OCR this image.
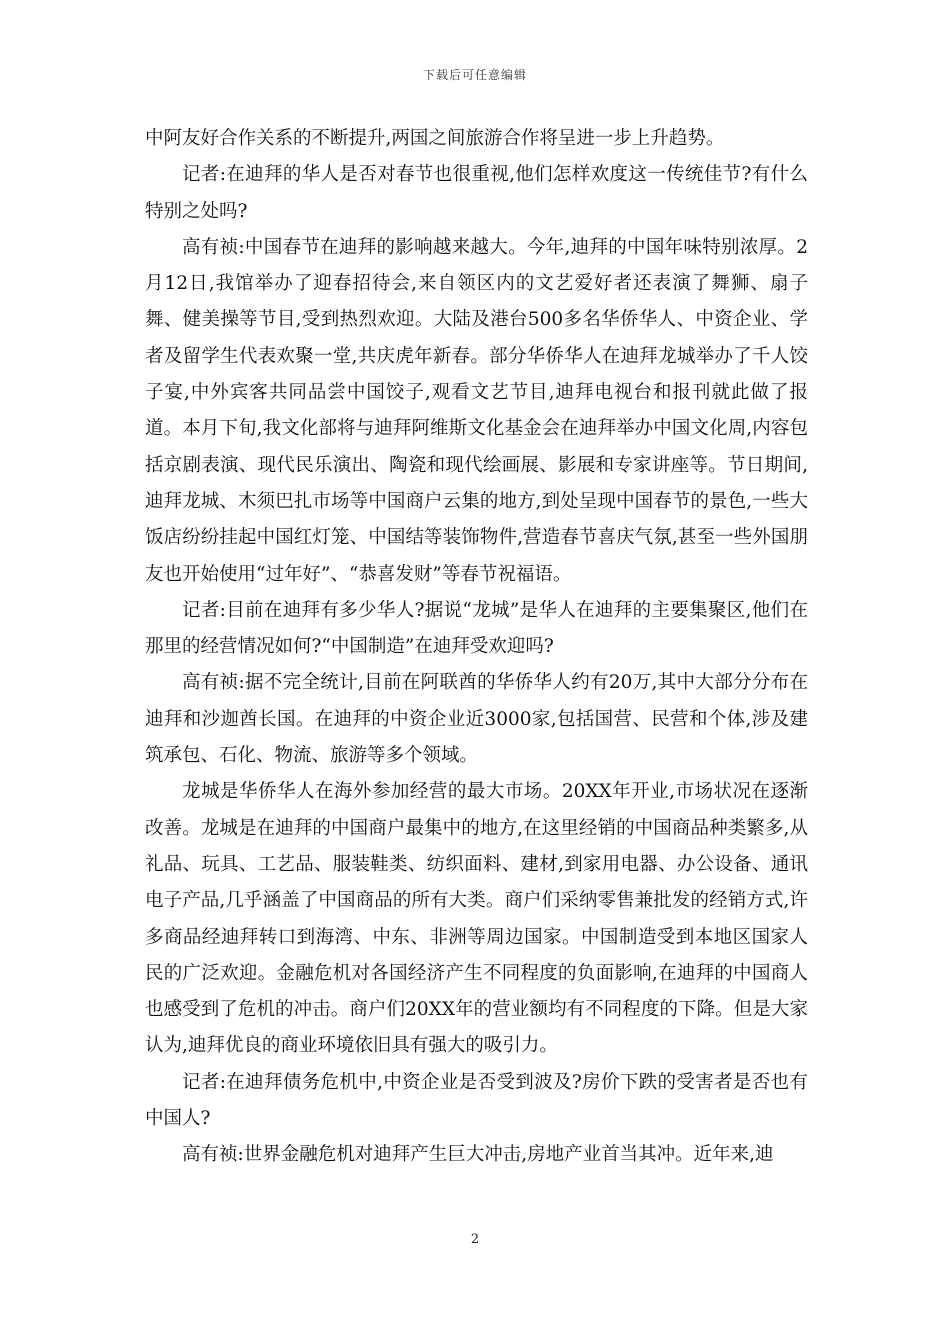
下载后可任意编辑

中阿友好合作关系的不断提升,两国之间旅游合作将呈进一步上升趋势。

记者:在迪拜的华人是否对春节也很重视,他们怎样欢度这一传统佳节?有什么特别之处吗?

高有祯:中国春节在迪拜的影响越来越大。今年,迪拜的中国年味特别浓厚。2月12日,我馆举办了迎春招待会,来自领区内的文艺爱好者还表演了舞狮、扇子舞、健美操等节目,受到热烈欢迎。大陆及港台500多名华侨华人、中资企业、学者及留学生代表欢聚一堂,共庆虎年新春。部分华侨华人在迪拜龙城举办了千人饺子宴,中外宾客共同品尝中国饺子,观看文艺节目,迪拜电视台和报刊就此做了报道。本月下旬,我文化部将与迪拜阿维斯文化基金会在迪拜举办中国文化周,内容包括京剧表演、现代民乐演出、陶瓷和现代绘画展、影展和专家讲座等。节日期间,迪拜龙城、木须巴扎市场等中国商户云集的地方,到处呈现中国春节的景色,一些大饭店纷纷挂起中国红灯笼、中国结等装饰物件,营造春节喜庆气氛,甚至一些外国朋友也开始使用“过年好”、“恭喜发财”等春节祝福语。

记者:目前在迪拜有多少华人?据说“龙城”是华人在迪拜的主要集聚区,他们在那里的经营情况如何?“中国制造”在迪拜受欢迎吗?

高有祯:据不完全统计,目前在阿联酋的华侨华人约有20万,其中大部分分布在迪拜和沙迦酋长国。在迪拜的中资企业近3000家,包括国营、民营和个体,涉及建筑承包、石化、物流、旅游等多个领域。

龙城是华侨华人在海外参加经营的最大市场。20XX年开业,市场状况在逐渐改善。龙城是在迪拜的中国商户最集中的地方,在这里经销的中国商品种类繁多,从礼品、玩具、工艺品、服装鞋类、纺织面料、建材,到家用电器、办公设备、通讯电子产品,几乎涵盖了中国商品的所有大类。商户们采纳零售兼批发的经销方式,许多商品经迪拜转口到海湾、中东、非洲等周边国家。中国制造受到本地区国家人民的广泛欢迎。金融危机对各国经济产生不同程度的负面影响,在迪拜的中国商人也感受到了危机的冲击。商户们20XX年的营业额均有不同程度的下降。但是大家认为,迪拜优良的商业环境依旧具有强大的吸引力。

记者:在迪拜债务危机中,中资企业是否受到波及?房价下跌的受害者是否也有中国人?

高有祯:世界金融危机对迪拜产生巨大冲击,房地产业首当其冲。近年来,迪

2
